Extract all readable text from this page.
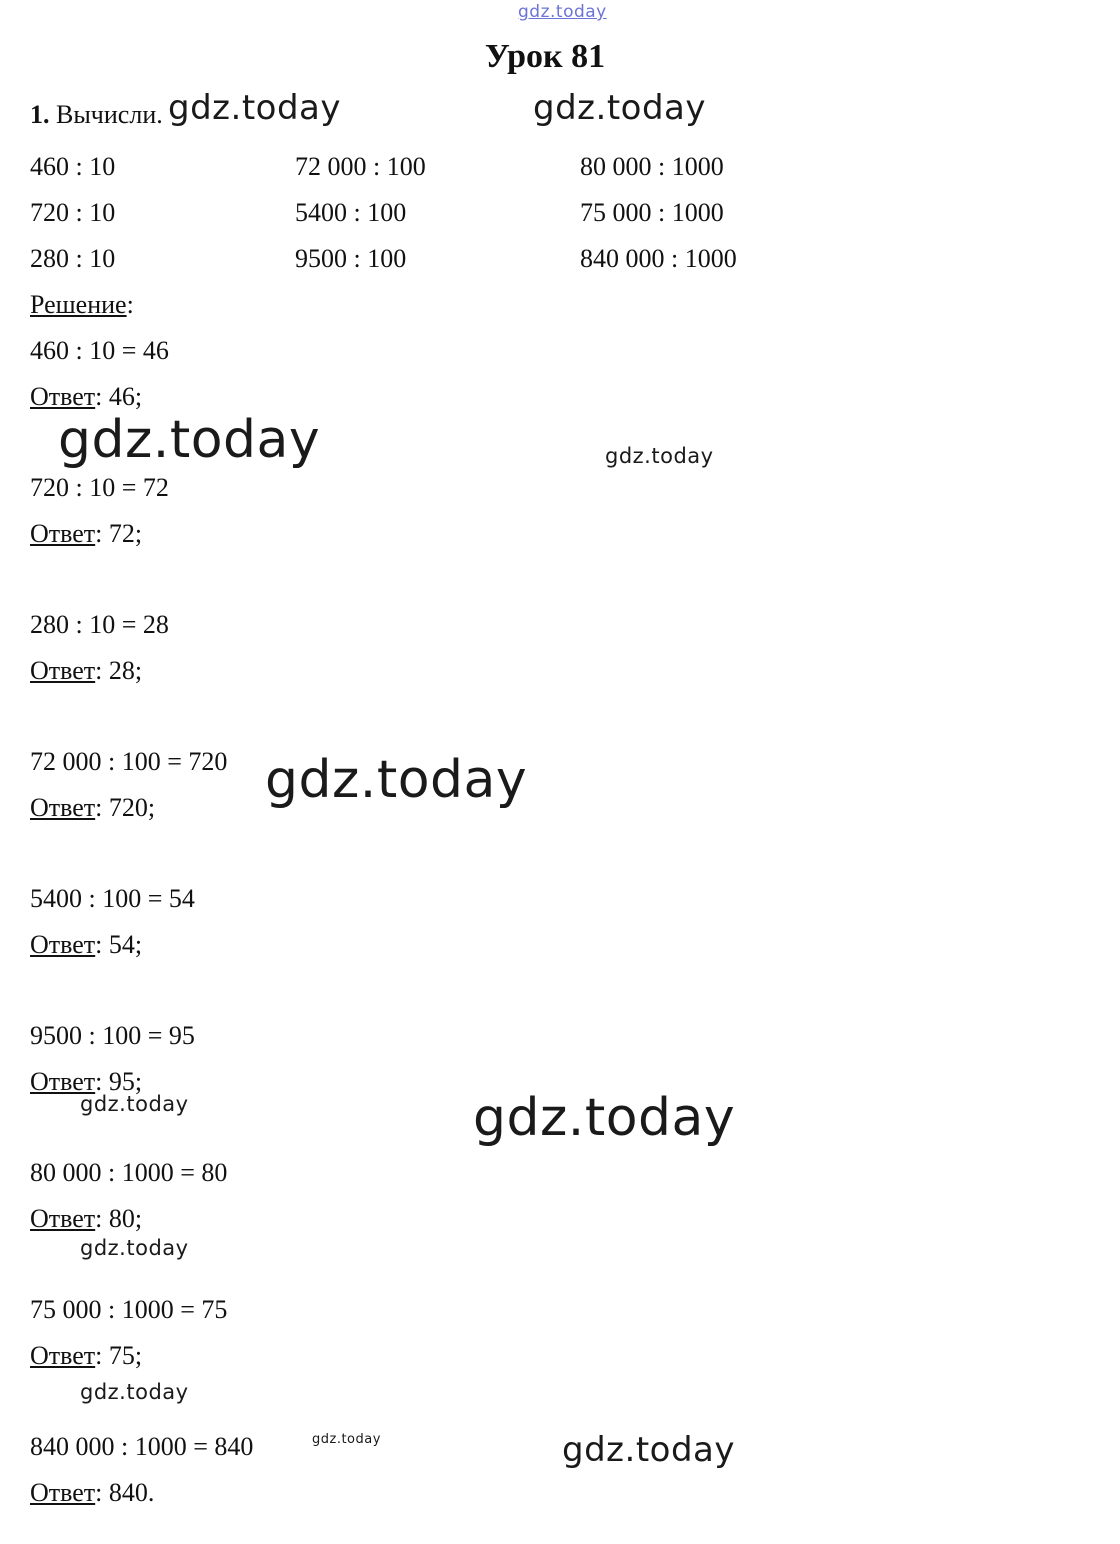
gdz.today
Урок 81
1. Вычисли. gdz.today	gdz.today
460 : 10	72 000 : 100	80 000 : 1000
720 : 10	5400 : 100	75 000 : 1000
280 : 10	9500 : 100	840 000 : 1000
Решение:
460 : 10 = 46
Ответ: 46;
gdz.today	gdz.today
720 : 10 = 72
Ответ: 72;
280 : 10 = 28
Ответ: 28;
72 000 : 100 = 720
Ответ: 720; gdz.today
5400 : 100 = 54
Ответ: 54;
9500 : 100 = 95
Ответ: 95;
gdz.today	gdz.today
80 000 : 1000 = 80
Ответ: 80;
gdz.today
75 000 : 1000 = 75
Ответ: 75;
gdz.today
840 000 : 1000 = 840
Ответ: 840.
gdz.today	gdz.today
